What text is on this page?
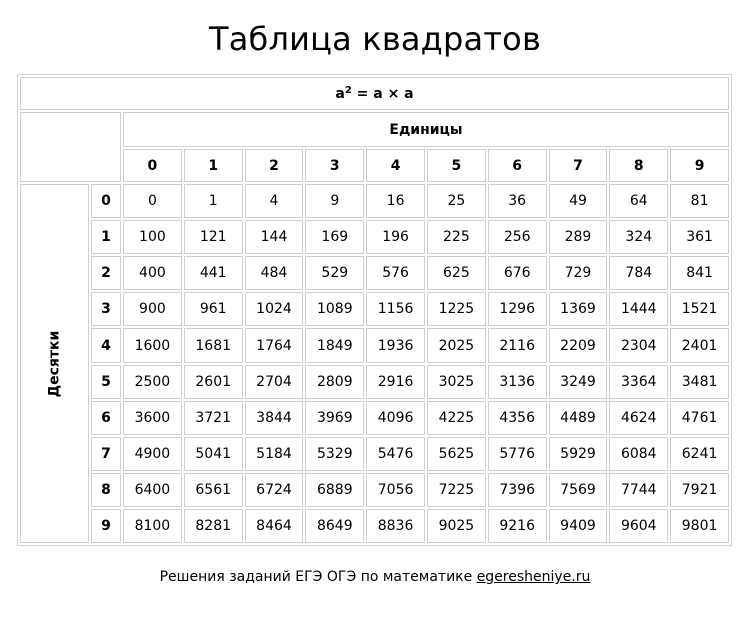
Таблица квадратов
$a^2 = a \times a$											
		Единицы									
		0	1	2	3	4	5	6	7	8	9
Десятки	0	0	1	4	9	16	25	36	49	64	81
	1	100	121	144	169	196	225	256	289	324	361
	2	400	441	484	529	576	625	676	729	784	841
	3	900	961	1024	1089	1156	1225	1296	1369	1444	1521
	4	1600	1681	1764	1849	1936	2025	2116	2209	2304	2401
	5	2500	2601	2704	2809	2916	3025	3136	3249	3364	3481
	6	3600	3721	3844	3969	4096	4225	4356	4489	4624	4761
	7	4900	5041	5184	5329	5476	5625	5776	5929	6084	6241
	8	6400	6561	6724	6889	7056	7225	7396	7569	7744	7921
	9	8100	8281	8464	8649	8836	9025	9216	9409	9604	9801
Решения заданий ЕГЭ ОГЭ по математике egeresheniye.ru
